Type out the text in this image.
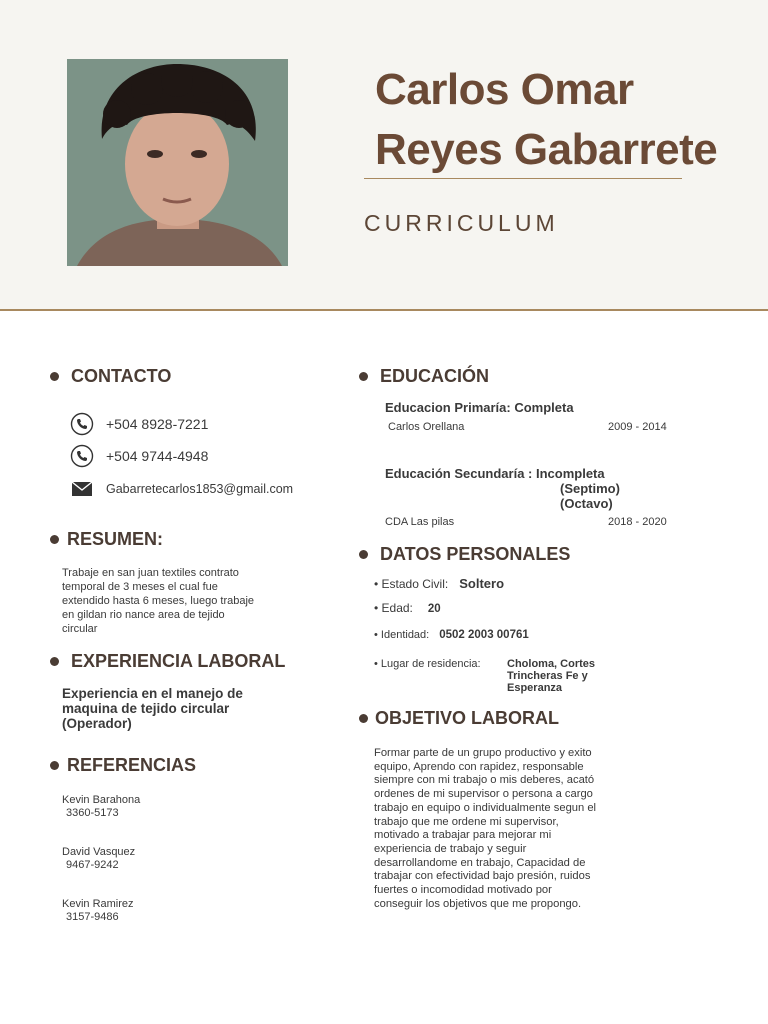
Carlos Omar
Reyes Gabarrete
CURRICULUM
CONTACTO
+504 8928-7221
+504 9744-4948
Gabarretecarlos1853@gmail.com
RESUMEN:
Trabaje en san juan textiles contrato
temporal de 3 meses el cual fue
extendido hasta 6 meses, luego trabaje
en gildan rio nance area de tejido
circular
EXPERIENCIA LABORAL
Experiencia en el manejo de
maquina de tejido circular
(Operador)
REFERENCIAS
Kevin Barahona
3360-5173
David Vasquez
9467-9242
Kevin Ramirez
3157-9486
EDUCACIÓN
Educacion Primaría: Completa
Carlos Orellana	2009 - 2014
Educación Secundaría : Incompleta
(Septimo)
(Octavo)
CDA Las pilas	2018 - 2020
DATOS PERSONALES
• Estado Civil: Soltero
• Edad: 20
• Identidad: 0502 2003 00761
• Lugar de residencia: Choloma, Cortes
Trincheras Fe y
Esperanza
OBJETIVO LABORAL
Formar parte de un grupo productivo y exito
equipo, Aprendo con rapidez, responsable
siempre con mi trabajo o mis deberes, acató
ordenes de mi supervisor o persona a cargo
trabajo en equipo o individualmente segun el
trabajo que me ordene mi supervisor,
motivado a trabajar para mejorar mi
experiencia de trabajo y seguir
desarrollandome en trabajo, Capacidad de
trabajar con efectividad bajo presión, ruidos
fuertes o incomodidad motivado por
conseguir los objetivos que me propongo.
